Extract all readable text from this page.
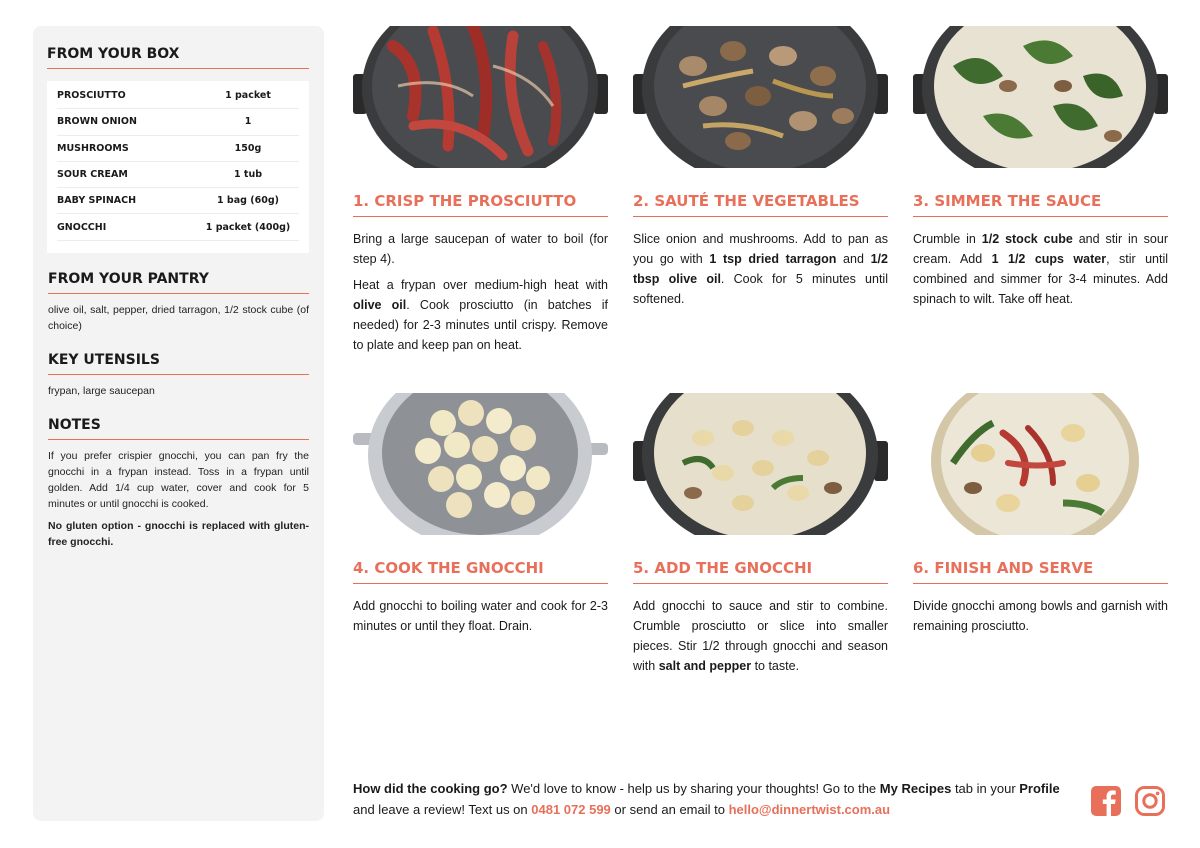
FROM YOUR BOX
PROSCIUTTO	1 packet
BROWN ONION	1
MUSHROOMS	150g
SOUR CREAM	1 tub
BABY SPINACH	1 bag (60g)
GNOCCHI	1 packet (400g)
FROM YOUR PANTRY
olive oil, salt, pepper, dried tarragon, 1/2 stock cube (of choice)
KEY UTENSILS
frypan, large saucepan
NOTES
If you prefer crispier gnocchi, you can pan fry the gnocchi in a frypan instead. Toss in a frypan until golden. Add 1/4 cup water, cover and cook for 5 minutes or until gnocchi is cooked.
No gluten option - gnocchi is replaced with gluten-free gnocchi.
1. CRISP THE PROSCIUTTO

Bring a large saucepan of water to boil (for step 4).

Heat a frypan over medium-high heat with olive oil. Cook prosciutto (in batches if needed) for 2-3 minutes until crispy. Remove to plate and keep pan on heat.

2. SAUTÉ THE VEGETABLES

Slice onion and mushrooms. Add to pan as you go with 1 tsp dried tarragon and 1/2 tbsp olive oil. Cook for 5 minutes until softened.

3. SIMMER THE SAUCE

Crumble in 1/2 stock cube and stir in sour cream. Add 1 1/2 cups water, stir until combined and simmer for 3-4 minutes. Add spinach to wilt. Take off heat.

4. COOK THE GNOCCHI

Add gnocchi to boiling water and cook for 2-3 minutes or until they float. Drain.

5. ADD THE GNOCCHI

Add gnocchi to sauce and stir to combine. Crumble prosciutto or slice into smaller pieces. Stir 1/2 through gnocchi and season with salt and pepper to taste.

6. FINISH AND SERVE

Divide gnocchi among bowls and garnish with remaining prosciutto.

How did the cooking go? We'd love to know - help us by sharing your thoughts! Go to the My Recipes tab in your Profile and leave a review! Text us on 0481 072 599 or send an email to hello@dinnertwist.com.au
